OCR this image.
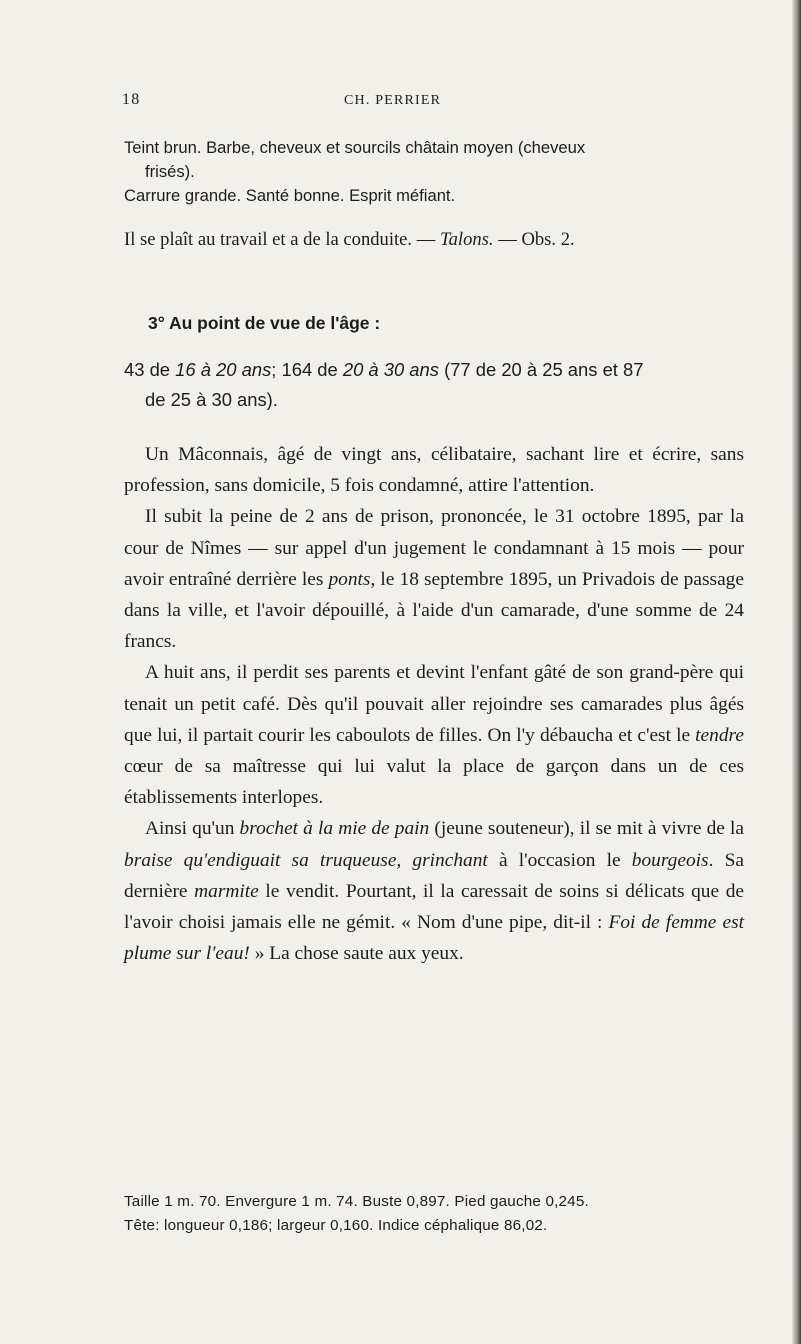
18	CH. PERRIER
Teint brun. Barbe, cheveux et sourcils châtain moyen (cheveux
frisés).
Carrure grande. Santé bonne. Esprit méfiant.
Il se plaît au travail et a de la conduite. — Talons. — Obs. 2.
3° Au point de vue de l'âge :
43 de 16 à 20 ans; 164 de 20 à 30 ans (77 de 20 à 25 ans et 87
de 25 à 30 ans).

Un Mâconnais, âgé de vingt ans, célibataire, sachant lire et écrire, sans profession, sans domicile, 5 fois condamné, attire l'attention.

Il subit la peine de 2 ans de prison, prononcée, le 31 octobre 1895, par la cour de Nîmes — sur appel d'un jugement le condamnant à 15 mois — pour avoir entraîné derrière les ponts, le 18 septembre 1895, un Privadois de passage dans la ville, et l'avoir dépouillé, à l'aide d'un camarade, d'une somme de 24 francs.

A huit ans, il perdit ses parents et devint l'enfant gâté de son grand-père qui tenait un petit café. Dès qu'il pouvait aller rejoindre ses camarades plus âgés que lui, il partait courir les caboulots de filles. On l'y débaucha et c'est le tendre cœur de sa maîtresse qui lui valut la place de garçon dans un de ces établissements interlopes.

Ainsi qu'un brochet à la mie de pain (jeune souteneur), il se mit à vivre de la braise qu'endiguait sa truqueuse, grinchant à l'occasion le bourgeois. Sa dernière marmite le vendit. Pourtant, il la caressait de soins si délicats que de l'avoir choisi jamais elle ne gémit. « Nom d'une pipe, dit-il : Foi de femme est plume sur l'eau! » La chose saute aux yeux.

Taille 1 m. 70. Envergure 1 m. 74. Buste 0,897. Pied gauche 0,245.
Tête: longueur 0,186; largeur 0,160. Indice céphalique 86,02.
